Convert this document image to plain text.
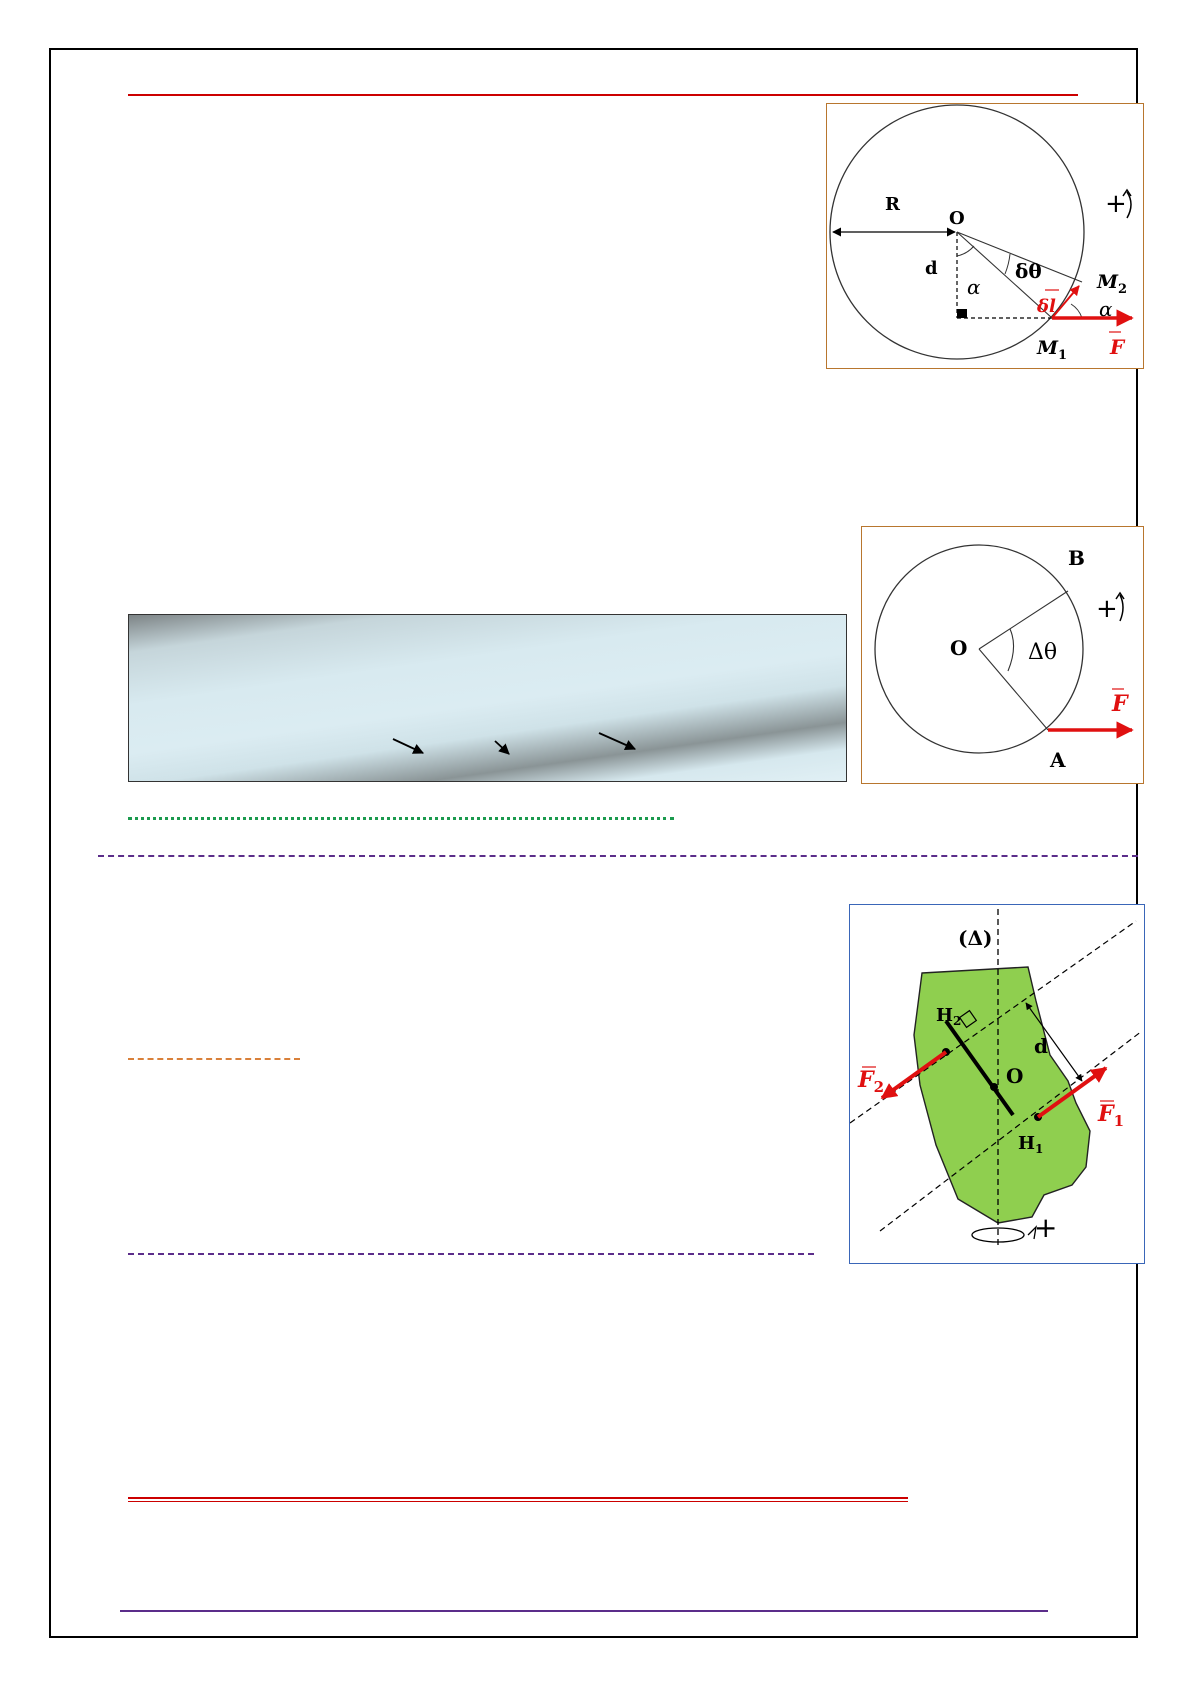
R
O
d
α
δθ	$M_2$
δl α
$M_1$ F
+
O
B
A
Δθ
F
+
(Δ)
$H_2$
O
d
$H_1$
$F_2$
$F_1$
+
